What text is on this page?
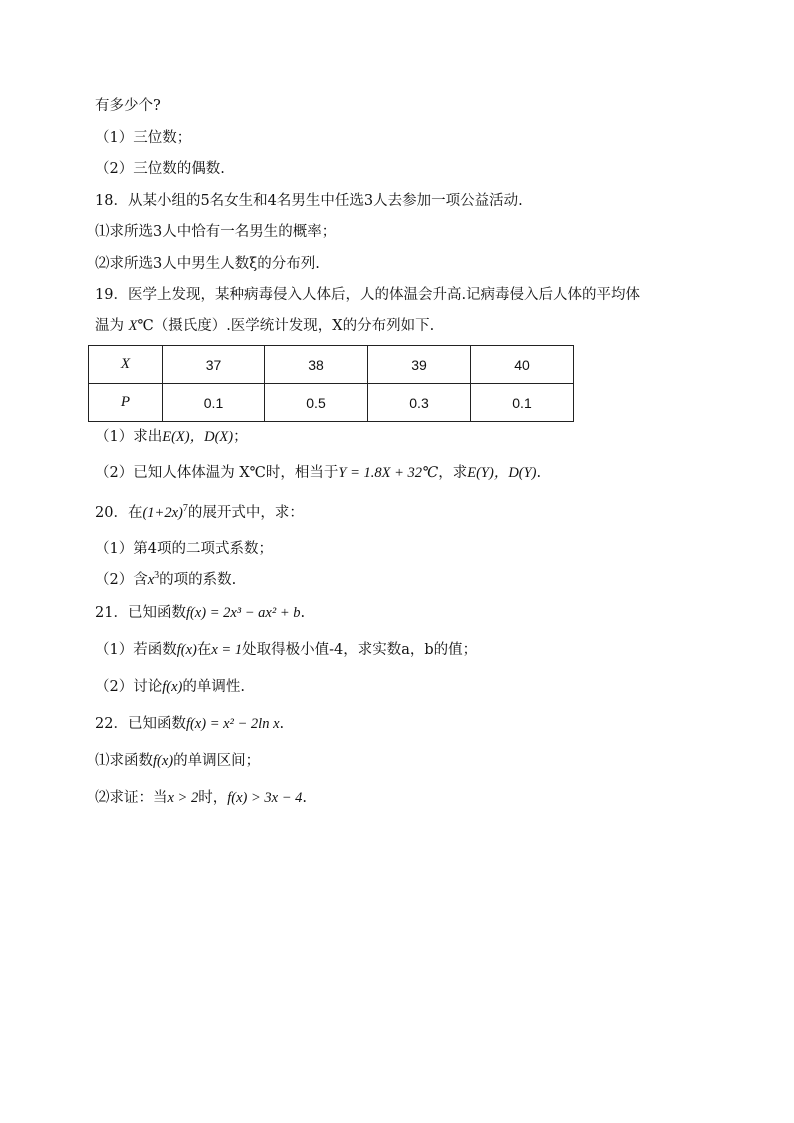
有多少个?
（1）三位数；
（2）三位数的偶数.
18．从某小组的5名女生和4名男生中任选3人去参加一项公益活动.
⑴求所选3人中恰有一名男生的概率；
⑵求所选3人中男生人数ξ的分布列.
19．医学上发现，某种病毒侵入人体后，人的体温会升高.记病毒侵入后人体的平均体
温为 X℃（摄氏度）.医学统计发现，X的分布列如下.
X	37	38	39	40
P	0.1	0.5	0.3	0.1
（1）求出E(X)，D(X)；
（2）已知人体体温为 X℃时，相当于Y = 1.8X + 32℃，求E(Y)，D(Y).
20．在$(1+2x)^7$的展开式中，求：
（1）第4项的二项式系数；
（2）含$x^3$的项的系数.
21．已知函数f(x) = 2x³ − ax² + b.
（1）若函数f(x)在x = 1处取得极小值-4，求实数a，b的值；
（2）讨论f(x)的单调性.
22．已知函数f(x) = x² − 2ln x.
⑴求函数f(x)的单调区间；
⑵求证：当x > 2时，f(x) > 3x − 4.
